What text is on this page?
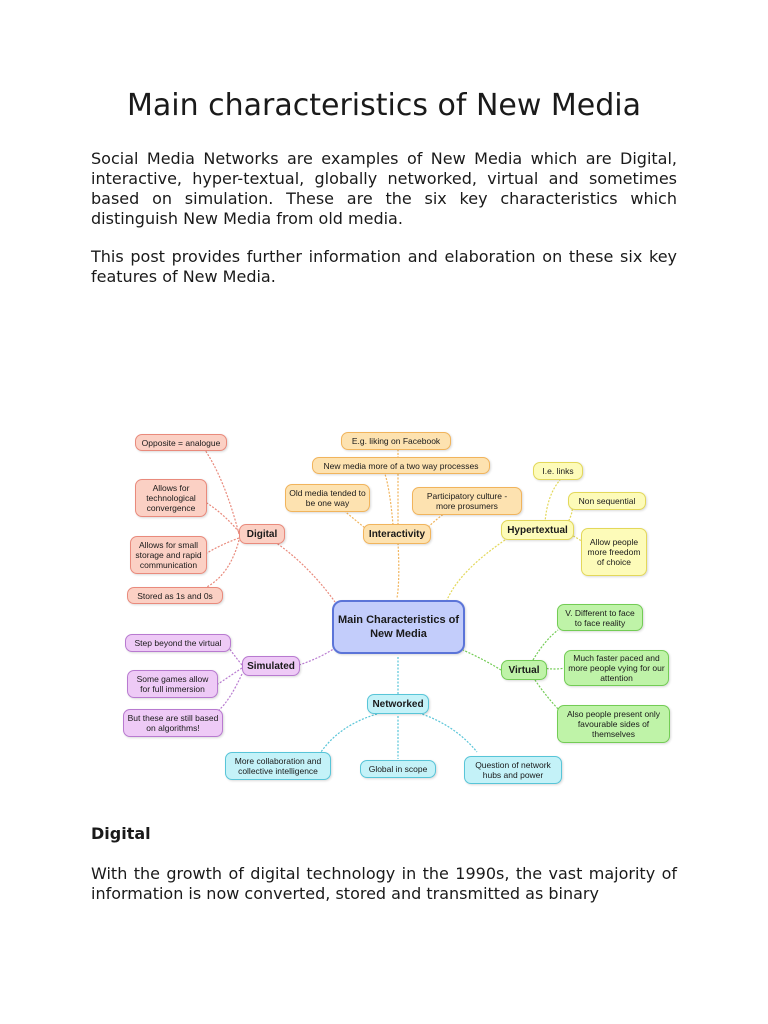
Main characteristics of New Media

Social Media Networks are examples of New Media which are Digital, interactive, hyper-textual, globally networked, virtual and sometimes based on simulation. These are the six key characteristics which distinguish New Media from old media.

This post provides further information and elaboration on these six key features of New Media.

Main Characteristics of New Media
Digital
Opposite = analogue
Allows for technological convergence
Allows for small storage and rapid communication
Stored as 1s and 0s
Interactivity
E.g. liking on Facebook
New media more of a two way processes
Old media tended to be one way
Participatory culture - more prosumers
Hypertextual
I.e. links
Non sequential
Allow people more freedom of choice
Simulated
Step beyond the virtual
Some games allow for full immersion
But these are still based on algorithms!
Virtual
V. Different to face to face reality
Much faster paced and more people vying for our attention
Also people present only favourable sides of themselves
Networked
More collaboration and collective intelligence	Global in scope	Question of network hubs and power
Digital

With the growth of digital technology in the 1990s, the vast majority of information is now converted, stored and transmitted as binary
